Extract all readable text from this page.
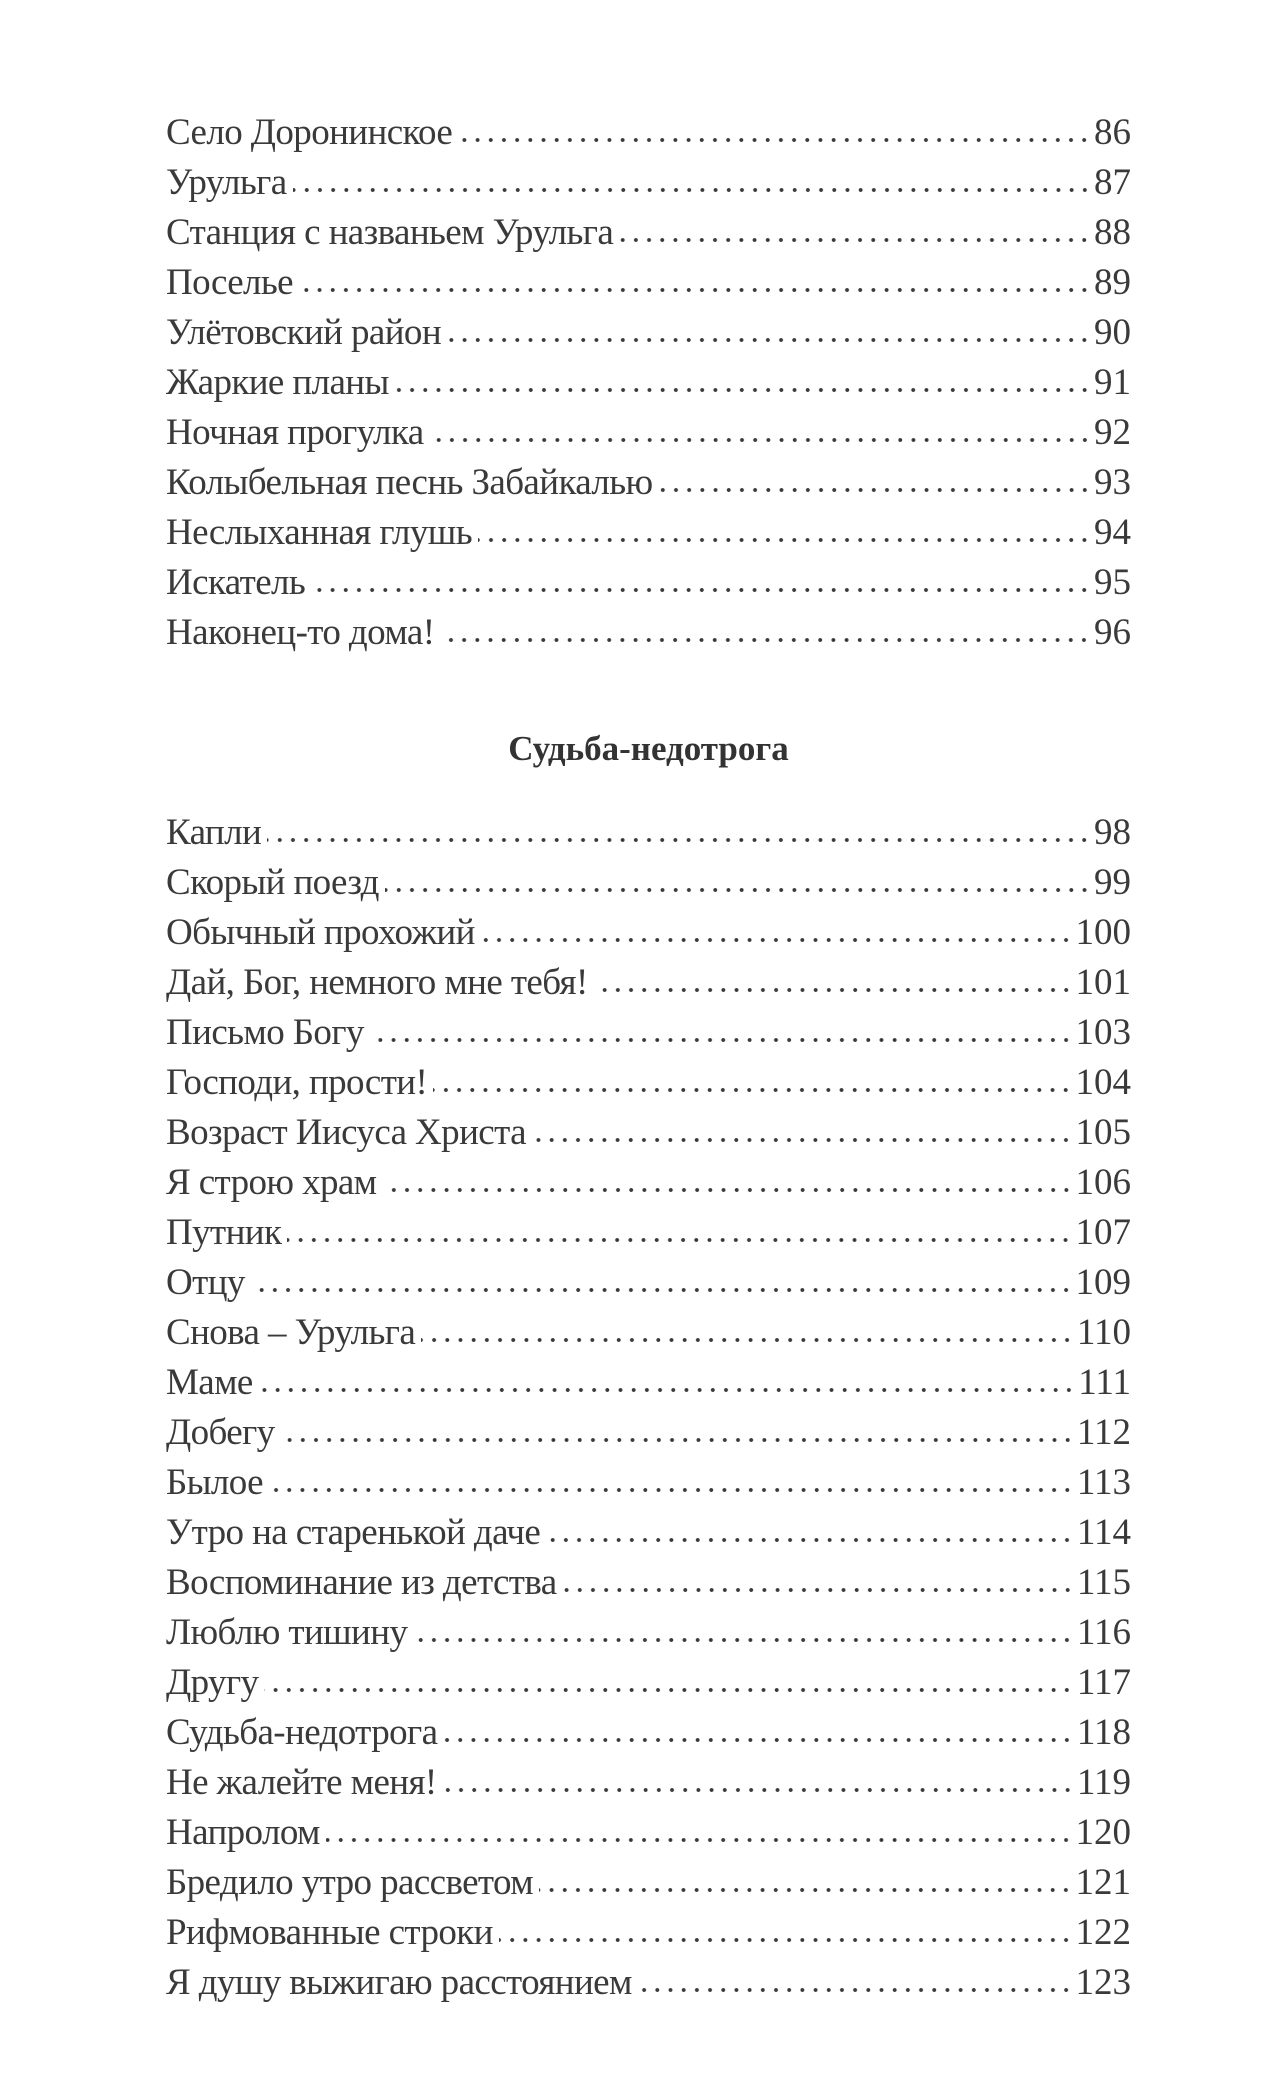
Село Доронинское	86
Урульга	87
Станция с названьем Урульга	88
Поселье	89
Улётовский район	90
Жаркие планы	91
Ночная прогулка	92
Колыбельная песнь Забайкалью	93
Неслыханная глушь	94
Искатель	95
Наконец-то дома!	96
Судьба-недотрога
Капли	98
Скорый поезд	99
Обычный прохожий	100
Дай, Бог, немного мне тебя!	101
Письмо Богу	103
Господи, прости!	104
Возраст Иисуса Христа	105
Я строю храм	106
Путник	107
Отцу	109
Снова – Урульга	110
Маме	111
Добегу	112
Былое	113
Утро на старенькой даче	114
Воспоминание из детства	115
Люблю тишину	116
Другу	117
Судьба-недотрога	118
Не жалейте меня!	119
Напролом	120
Бредило утро рассветом	121
Рифмованные строки	122
Я душу выжигаю расстоянием	123
